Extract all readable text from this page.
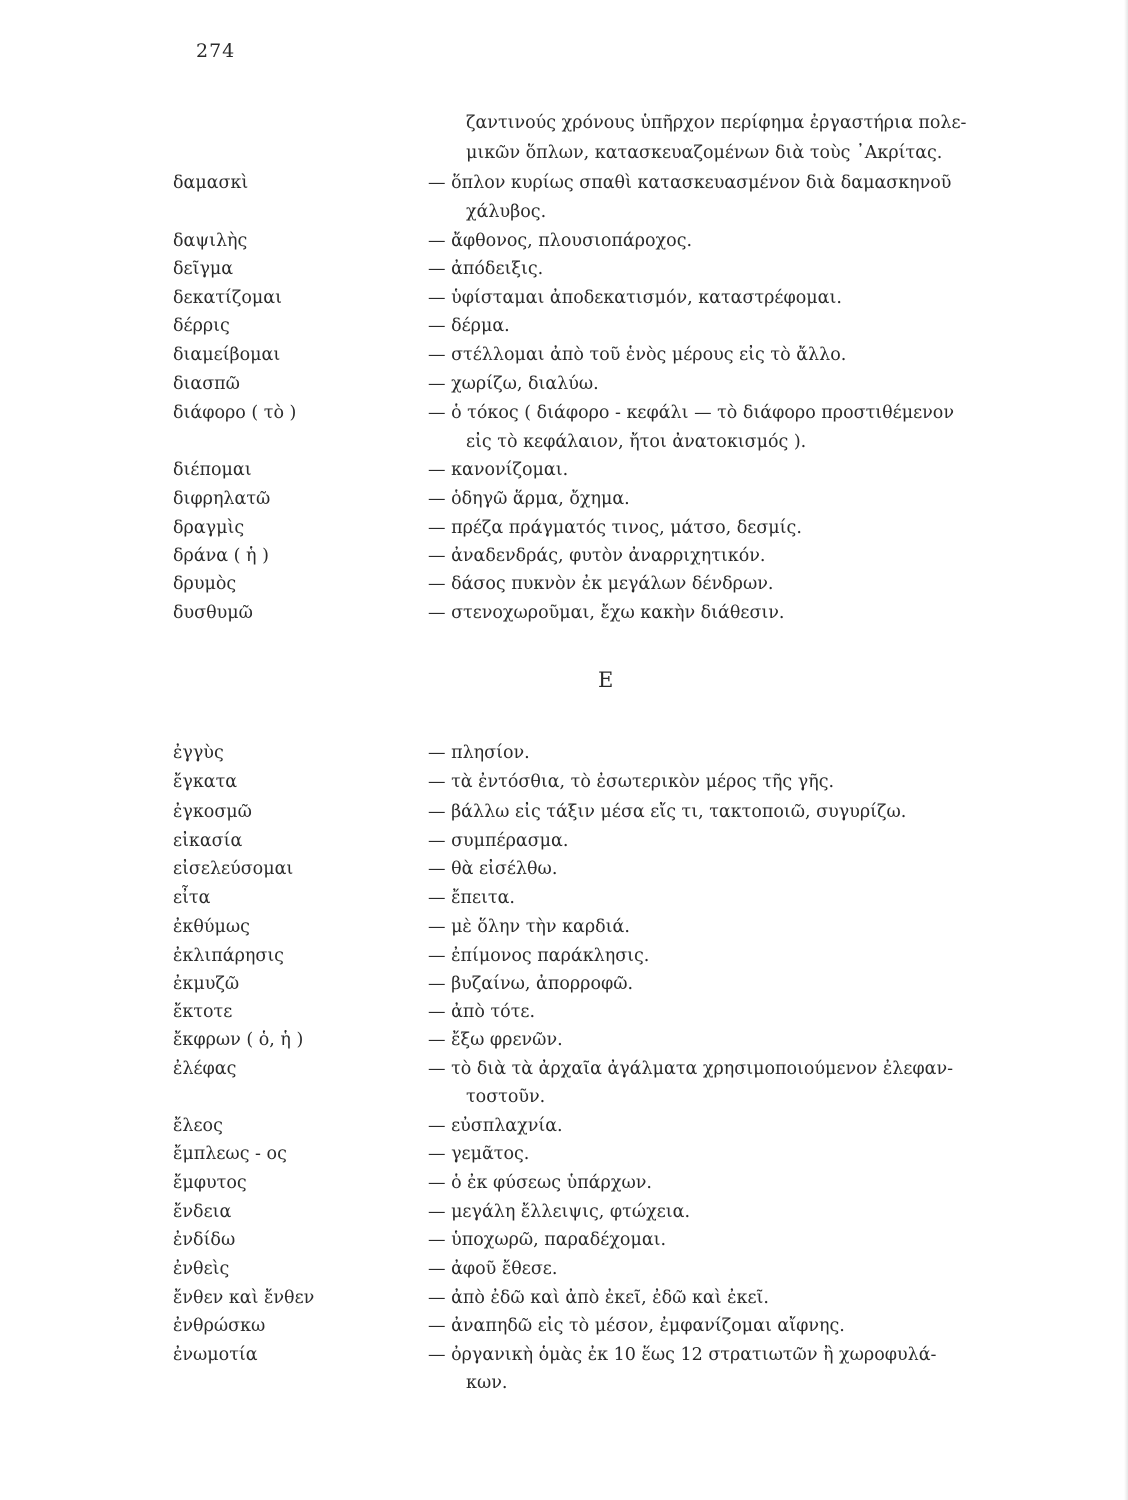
274
ζαντινούς χρόνους ὑπῆρχον περίφημα ἐργαστήρια πολε-
μικῶν ὅπλων, κατασκευαζομένων διὰ τοὺς ᾿Ακρίτας.
δαμασκὶ	— ὅπλον κυρίως σπαθὶ κατασκευασμένον διὰ δαμασκηνοῦ
χάλυβος.
δαψιλὴς	— ἄφθονος, πλουσιοπάροχος.
δεῖγμα	— ἀπόδειξις.
δεκατίζομαι	— ὑφίσταμαι ἀποδεκατισμόν, καταστρέφομαι.
δέρρις	— δέρμα.
διαμείβομαι	— στέλλομαι ἀπὸ τοῦ ἑνὸς μέρους εἰς τὸ ἄλλο.
διασπῶ	— χωρίζω, διαλύω.
διάφορο ( τὸ )	— ὁ τόκος ( διάφορο - κεφάλι — τὸ διάφορο προστιθέμενον
εἰς τὸ κεφάλαιον, ἤτοι ἀνατοκισμός ).
διέπομαι	— κανονίζομαι.
διφρηλατῶ	— ὁδηγῶ ἅρμα, ὄχημα.
δραγμὶς	— πρέζα πράγματός τινος, μάτσο, δεσμίς.
δράνα ( ἡ )	— ἀναδενδράς, φυτὸν ἀναρριχητικόν.
δρυμὸς	— δάσος πυκνὸν ἐκ μεγάλων δένδρων.
δυσθυμῶ	— στενοχωροῦμαι, ἔχω κακὴν διάθεσιν.
ἐγγὺς	— πλησίον.
ἔγκατα	— τὰ ἐντόσθια, τὸ ἐσωτερικὸν μέρος τῆς γῆς.
ἐγκοσμῶ	— βάλλω εἰς τάξιν μέσα εἴς τι, τακτοποιῶ, συγυρίζω.
εἰκασία	— συμπέρασμα.
εἰσελεύσομαι	— θὰ εἰσέλθω.
εἶτα	— ἔπειτα.
ἐκθύμως	— μὲ ὅλην τὴν καρδιά.
ἐκλιπάρησις	— ἐπίμονος παράκλησις.
ἐκμυζῶ	— βυζαίνω, ἀπορροφῶ.
ἔκτοτε	— ἀπὸ τότε.
ἔκφρων ( ὁ, ἡ )	— ἔξω φρενῶν.
ἐλέφας	— τὸ διὰ τὰ ἀρχαῖα ἀγάλματα χρησιμοποιούμενον ἐλεφαν-
τοστοῦν.
ἔλεος	— εὐσπλαχνία.
ἔμπλεως - ος	— γεμᾶτος.
ἔμφυτος	— ὁ ἐκ φύσεως ὑπάρχων.
ἔνδεια	— μεγάλη ἔλλειψις, φτώχεια.
ἐνδίδω	— ὑποχωρῶ, παραδέχομαι.
ἐνθεὶς	— ἀφοῦ ἔθεσε.
ἔνθεν καὶ ἔνθεν	— ἀπὸ ἐδῶ καὶ ἀπὸ ἐκεῖ, ἐδῶ καὶ ἐκεῖ.
ἐνθρώσκω	— ἀναπηδῶ εἰς τὸ μέσον, ἐμφανίζομαι αἴφνης.
ἐνωμοτία	— ὀργανικὴ ὁμὰς ἐκ 10 ἕως 12 στρατιωτῶν ἢ χωροφυλά-
κων.
Ε
